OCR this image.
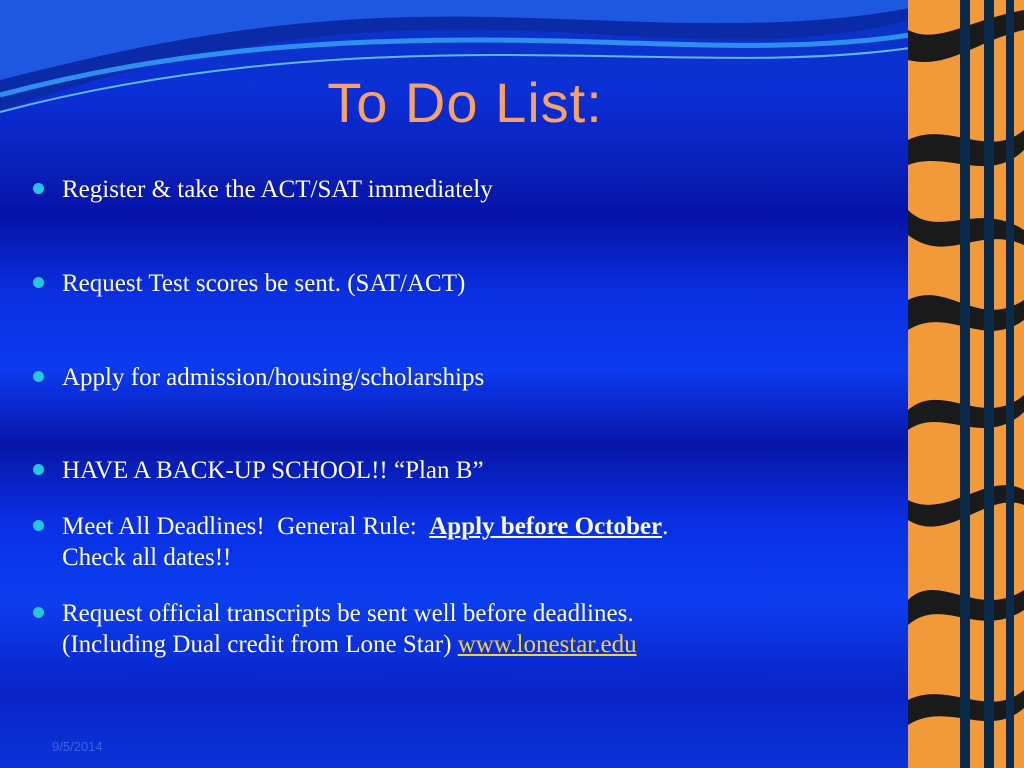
To Do List:
Register & take the ACT/SAT immediately
Request Test scores be sent. (SAT/ACT)
Apply for admission/housing/scholarships
HAVE A BACK-UP SCHOOL!! “Plan B”
Meet All Deadlines!  General Rule:  Apply before October.
Check all dates!!
Request official transcripts be sent well before deadlines.
(Including Dual credit from Lone Star) www.lonestar.edu
9/5/2014
